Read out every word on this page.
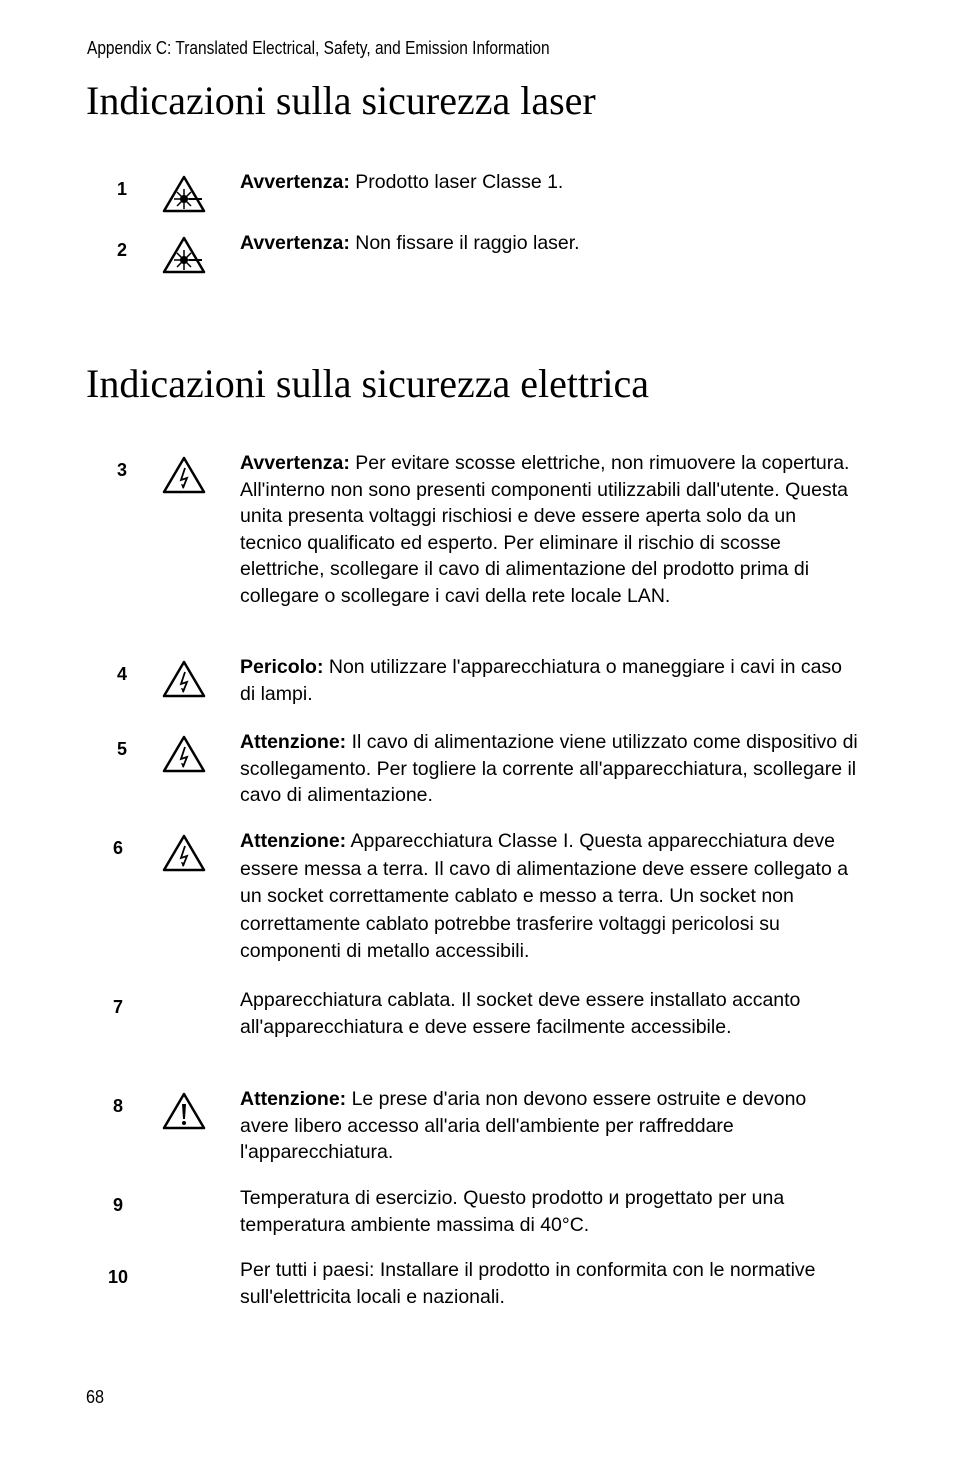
Appendix C: Translated Electrical, Safety, and Emission Information
Indicazioni sulla sicurezza laser
1	Avvertenza: Prodotto laser Classe 1.
2	Avvertenza: Non fissare il raggio laser.
Indicazioni sulla sicurezza elettrica
3	Avvertenza: Per evitare scosse elettriche, non rimuovere la copertura. All'interno non sono presenti componenti utilizzabili dall'utente. Questa unita presenta voltaggi rischiosi e deve essere aperta solo da un tecnico qualificato ed esperto. Per eliminare il rischio di scosse elettriche, scollegare il cavo di alimentazione del prodotto prima di collegare o scollegare i cavi della rete locale LAN.
4	Pericolo: Non utilizzare l'apparecchiatura o maneggiare i cavi in caso di lampi.
5	Attenzione: Il cavo di alimentazione viene utilizzato come dispositivo di scollegamento. Per togliere la corrente all'apparecchiatura, scollegare il cavo di alimentazione.
6	Attenzione: Apparecchiatura Classe I. Questa apparecchiatura deve essere messa a terra. Il cavo di alimentazione deve essere collegato a un socket correttamente cablato e messo a terra. Un socket non correttamente cablato potrebbe trasferire voltaggi pericolosi su componenti di metallo accessibili.
7	Apparecchiatura cablata. Il socket deve essere installato accanto all'apparecchiatura e deve essere facilmente accessibile.
8	Attenzione: Le prese d'aria non devono essere ostruite e devono avere libero accesso all'aria dell'ambiente per raffreddare l'apparecchiatura.
9	Temperatura di esercizio. Questo prodotto и progettato per una temperatura ambiente massima di 40°C.
10	Per tutti i paesi: Installare il prodotto in conformita con le normative sull'elettricita locali e nazionali.
68
